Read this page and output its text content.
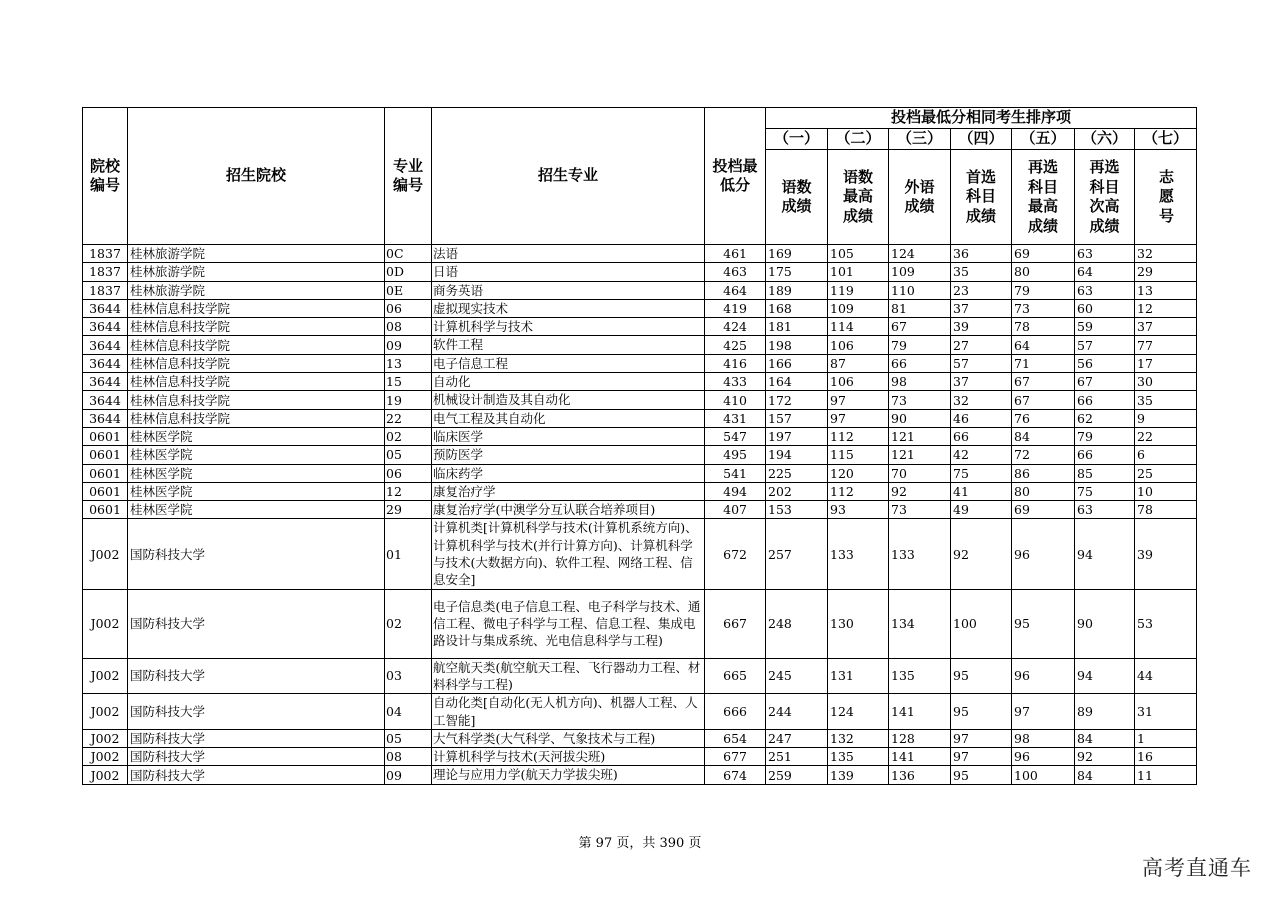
院校编号	招生院校	专业编号	招生专业	投档最低分	投档最低分相同考生排序项						
					（一）	（二）	（三）	（四）	（五）	（六）	（七）
					语数成绩	语数最高成绩	外语成绩	首选科目成绩	再选科目最高成绩	再选科目次高成绩	志愿号
1837	桂林旅游学院	0C	法语	461	169	105	124	36	69	63	32
1837	桂林旅游学院	0D	日语	463	175	101	109	35	80	64	29
1837	桂林旅游学院	0E	商务英语	464	189	119	110	23	79	63	13
3644	桂林信息科技学院	06	虚拟现实技术	419	168	109	81	37	73	60	12
3644	桂林信息科技学院	08	计算机科学与技术	424	181	114	67	39	78	59	37
3644	桂林信息科技学院	09	软件工程	425	198	106	79	27	64	57	77
3644	桂林信息科技学院	13	电子信息工程	416	166	87	66	57	71	56	17
3644	桂林信息科技学院	15	自动化	433	164	106	98	37	67	67	30
3644	桂林信息科技学院	19	机械设计制造及其自动化	410	172	97	73	32	67	66	35
3644	桂林信息科技学院	22	电气工程及其自动化	431	157	97	90	46	76	62	9
0601	桂林医学院	02	临床医学	547	197	112	121	66	84	79	22
0601	桂林医学院	05	预防医学	495	194	115	121	42	72	66	6
0601	桂林医学院	06	临床药学	541	225	120	70	75	86	85	25
0601	桂林医学院	12	康复治疗学	494	202	112	92	41	80	75	10
0601	桂林医学院	29	康复治疗学(中澳学分互认联合培养项目)	407	153	93	73	49	69	63	78
J002	国防科技大学	01	计算机类[计算机科学与技术(计算机系统方向)、计算机科学与技术(并行计算方向)、计算机科学与技术(大数据方向)、软件工程、网络工程、信息安全]	672	257	133	133	92	96	94	39
J002	国防科技大学	02	电子信息类(电子信息工程、电子科学与技术、通信工程、微电子科学与工程、信息工程、集成电路设计与集成系统、光电信息科学与工程)	667	248	130	134	100	95	90	53
J002	国防科技大学	03	航空航天类(航空航天工程、飞行器动力工程、材料科学与工程)	665	245	131	135	95	96	94	44
J002	国防科技大学	04	自动化类[自动化(无人机方向)、机器人工程、人工智能]	666	244	124	141	95	97	89	31
J002	国防科技大学	05	大气科学类(大气科学、气象技术与工程)	654	247	132	128	97	98	84	1
J002	国防科技大学	08	计算机科学与技术(天河拔尖班)	677	251	135	141	97	96	92	16
J002	国防科技大学	09	理论与应用力学(航天力学拔尖班)	674	259	139	136	95	100	84	11
第 97 页，共 390 页
高考直通车
